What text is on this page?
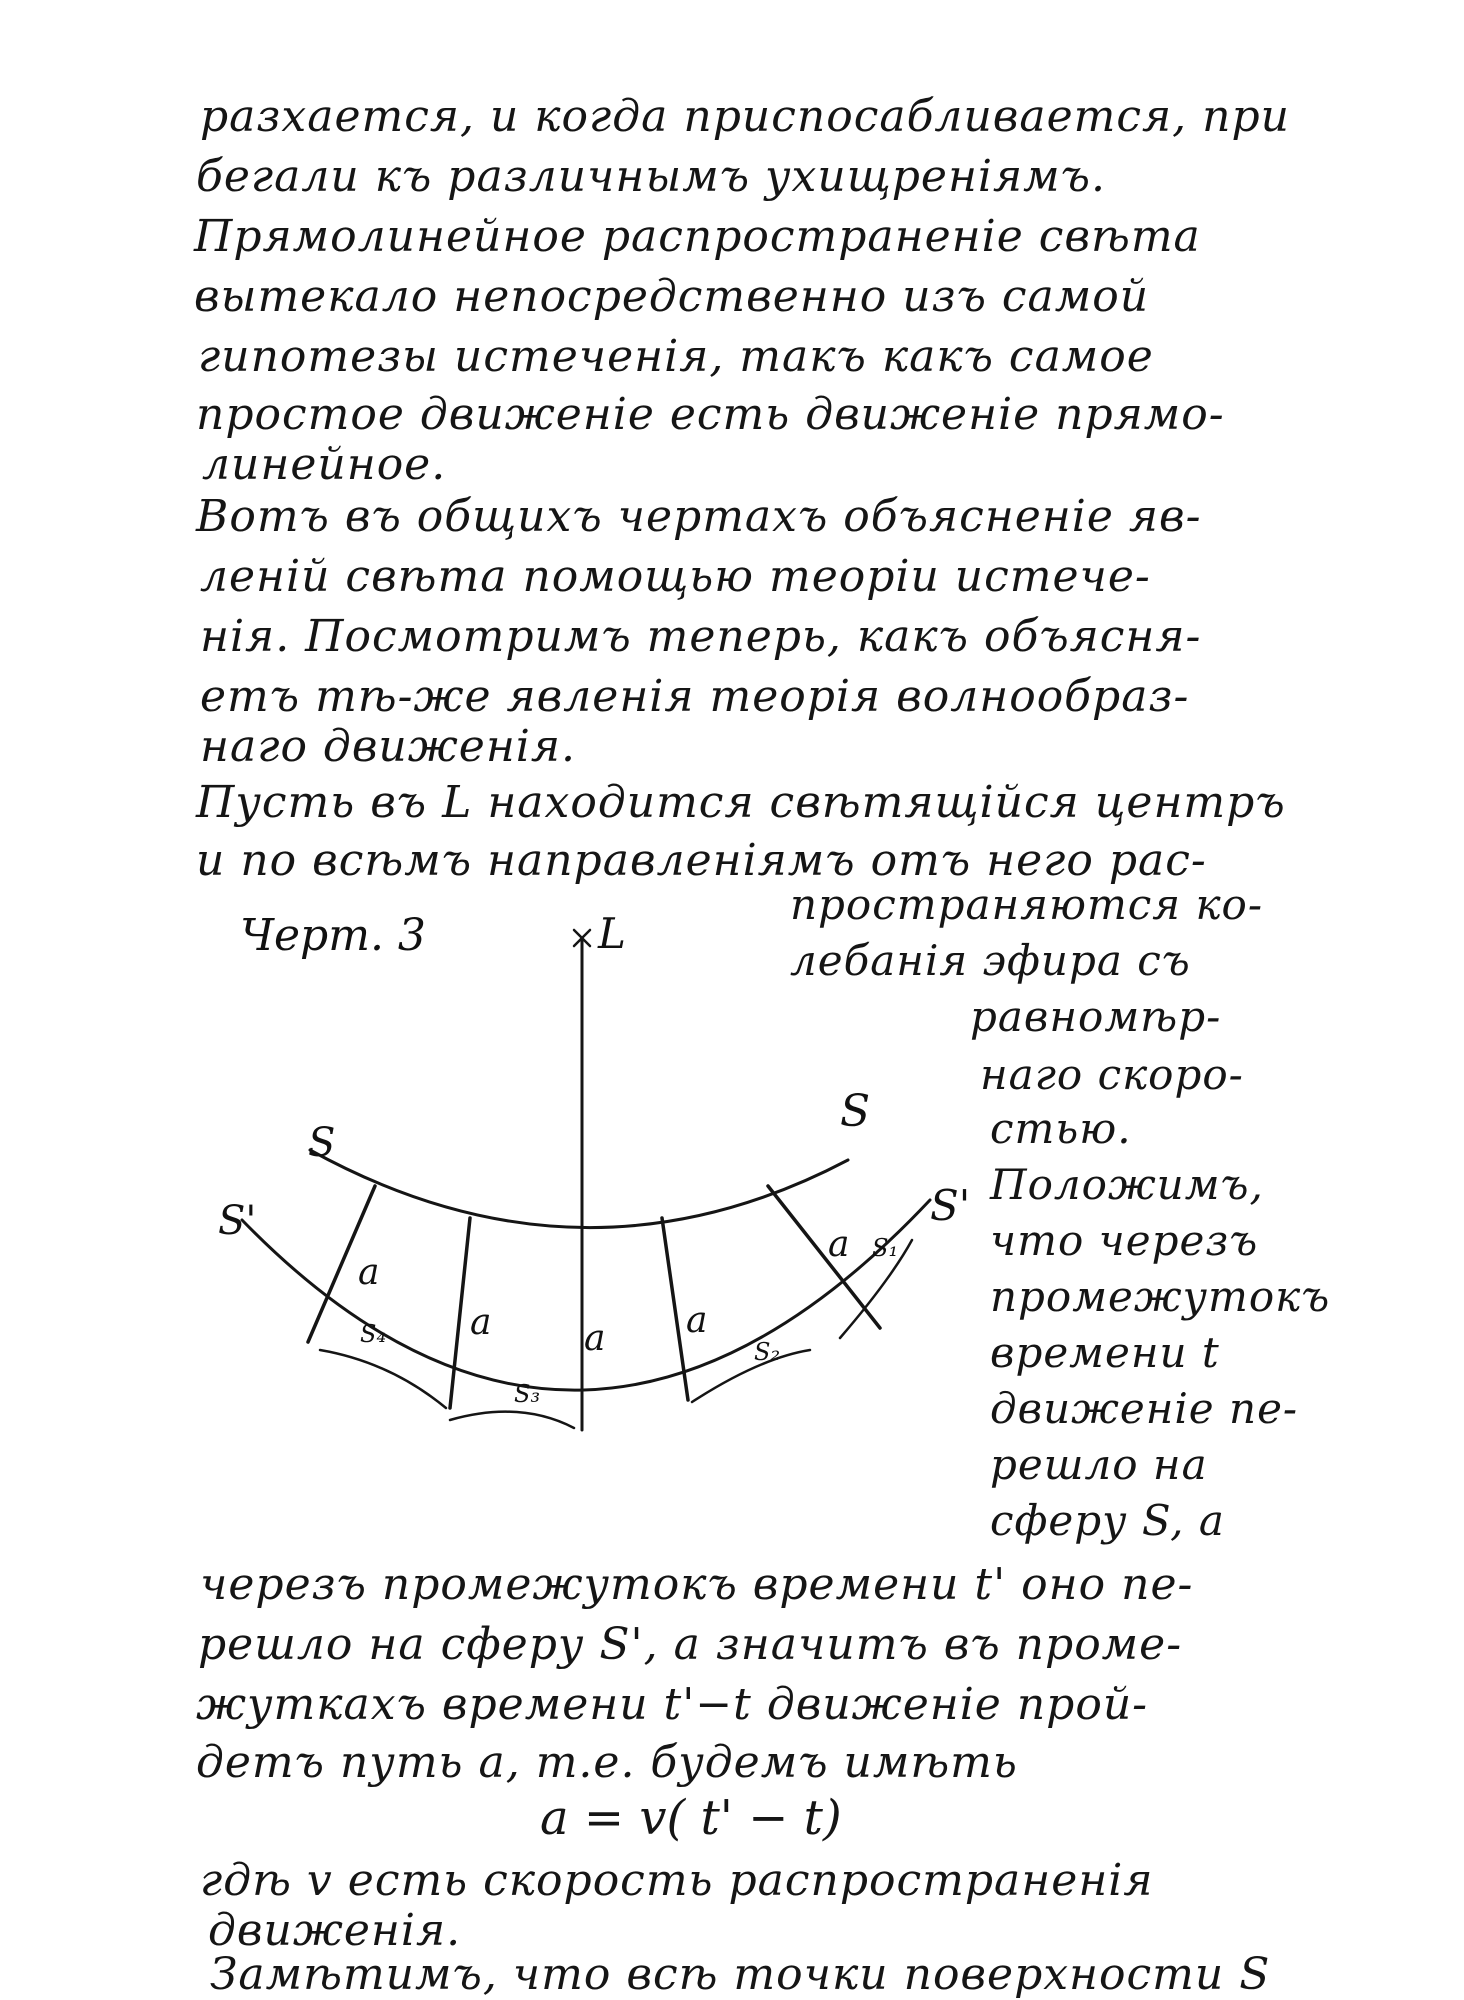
разхается, и когда приспосабливается, при
бегали къ различнымъ ухищреніямъ.
Прямолинейное распространеніе свѣта
вытекало непосредственно изъ самой
гипотезы истеченія, такъ какъ самое
простое движеніе есть движеніе прямо-
линейное.
Вотъ въ общихъ чертахъ объясненіе яв-
леній свѣта помощью теоріи истече-
нія. Посмотримъ теперь, какъ объясня-
етъ тѣ-же явленія теорія волнообраз-
наго движенія.
Пусть въ L находится свѣтящійся центръ
и по всѣмъ направленіямъ отъ него рас-
пространяются ко-
лебанія эфира съ
равномѣр-
наго скоро-
стью.
Положимъ,
что черезъ
промежутокъ
времени t
движеніе пе-
решло на
сферу S, а
Черт. 3	L
S
S
S'	S'
a
a	a a
a S₁
S₂
S₃
S₄
черезъ промежутокъ времени t' оно пе-
решло на сферу S', а значитъ въ проме-
жуткахъ времени t'−t движеніе прой-
детъ путь a, т.е. будемъ имѣть
a = v( t' − t)
гдѣ v есть скорость распространенія
движенія.
Замѣтимъ, что всѣ точки поверхности S
